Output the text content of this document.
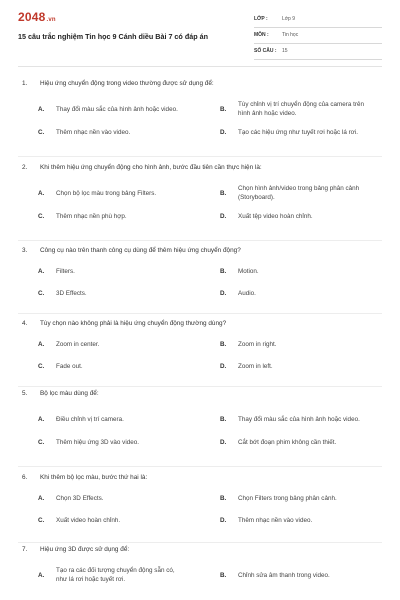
2048.vn
15 câu trắc nghiệm Tin học 9 Cánh diều Bài 7 có đáp án
LỚP :	Lớp 9
MÔN :	Tin học
SỐ CÂU : 15
1. Hiệu ứng chuyển động trong video thường được sử dụng để:
A.	Thay đổi màu sắc của hình ảnh hoặc video.	B.
Tùy chỉnh vị trí chuyển động của camera trên hình ảnh hoặc video.
C.	Thêm nhạc nền vào video.	D.	Tạo các hiệu ứng như tuyết rơi hoặc lá rơi.
2. Khi thêm hiệu ứng chuyển động cho hình ảnh, bước đầu tiên cần thực hiện là:
A.	Chọn bộ lọc màu trong bảng Filters.	B.
Chọn hình ảnh/video trong bảng phân cảnh (Storyboard).
C.	Thêm nhạc nền phù hợp.	D.	Xuất tệp video hoàn chỉnh.
3. Công cụ nào trên thanh công cụ dùng để thêm hiệu ứng chuyển động?
A.	Filters.	B.	Motion.
C.	3D Effects.	D.	Audio.
4. Tùy chọn nào không phải là hiệu ứng chuyển động thường dùng?
A.	Zoom in center.	B.	Zoom in right.
C.	Fade out.	D.	Zoom in left.
5. Bộ lọc màu dùng để:
A.	Điều chỉnh vị trí camera.	B.	Thay đổi màu sắc của hình ảnh hoặc video.
C.	Thêm hiệu ứng 3D vào video.	D.	Cắt bớt đoạn phim không cần thiết.
6. Khi thêm bộ lọc màu, bước thứ hai là:
A.	Chọn 3D Effects.	B.	Chọn Filters trong bảng phân cảnh.
C.	Xuất video hoàn chỉnh.	D.	Thêm nhạc nền vào video.
7. Hiệu ứng 3D được sử dụng để:
A.
Tạo ra các đối tượng chuyển động sẵn có, như lá rơi hoặc tuyết rơi.
B.	Chỉnh sửa âm thanh trong video.
